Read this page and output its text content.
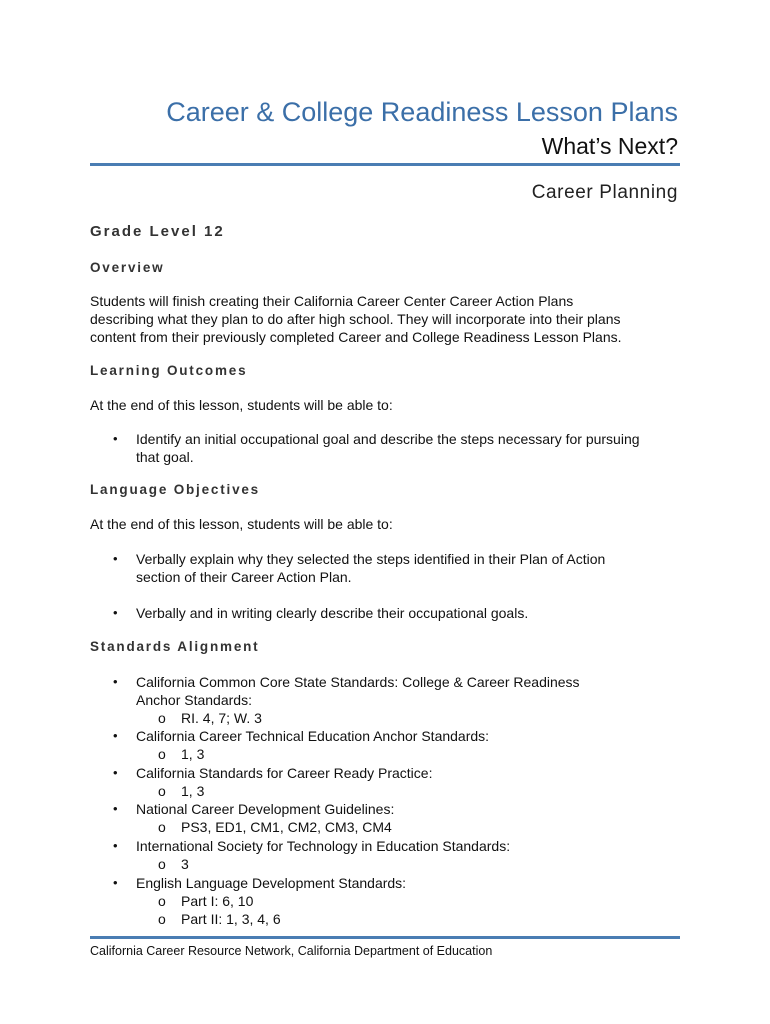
Career & College Readiness Lesson Plans
What’s Next?
Career Planning
Grade Level 12
Overview
Students will finish creating their California Career Center Career Action Plans
describing what they plan to do after high school. They will incorporate into their plans
content from their previously completed Career and College Readiness Lesson Plans.
Learning Outcomes
At the end of this lesson, students will be able to:
•	Identify an initial occupational goal and describe the steps necessary for pursuing
that goal.
Language Objectives
At the end of this lesson, students will be able to:
•	Verbally explain why they selected the steps identified in their Plan of Action
section of their Career Action Plan.
•	Verbally and in writing clearly describe their occupational goals.
Standards Alignment
•	California Common Core State Standards: College & Career Readiness
Anchor Standards:
o RI. 4, 7; W. 3
•	California Career Technical Education Anchor Standards:
o 1, 3
•	California Standards for Career Ready Practice:
o 1, 3
•	National Career Development Guidelines:
o PS3, ED1, CM1, CM2, CM3, CM4
•	International Society for Technology in Education Standards:
o 3
•	English Language Development Standards:
o Part I: 6, 10
o Part II: 1, 3, 4, 6
California Career Resource Network, California Department of Education
